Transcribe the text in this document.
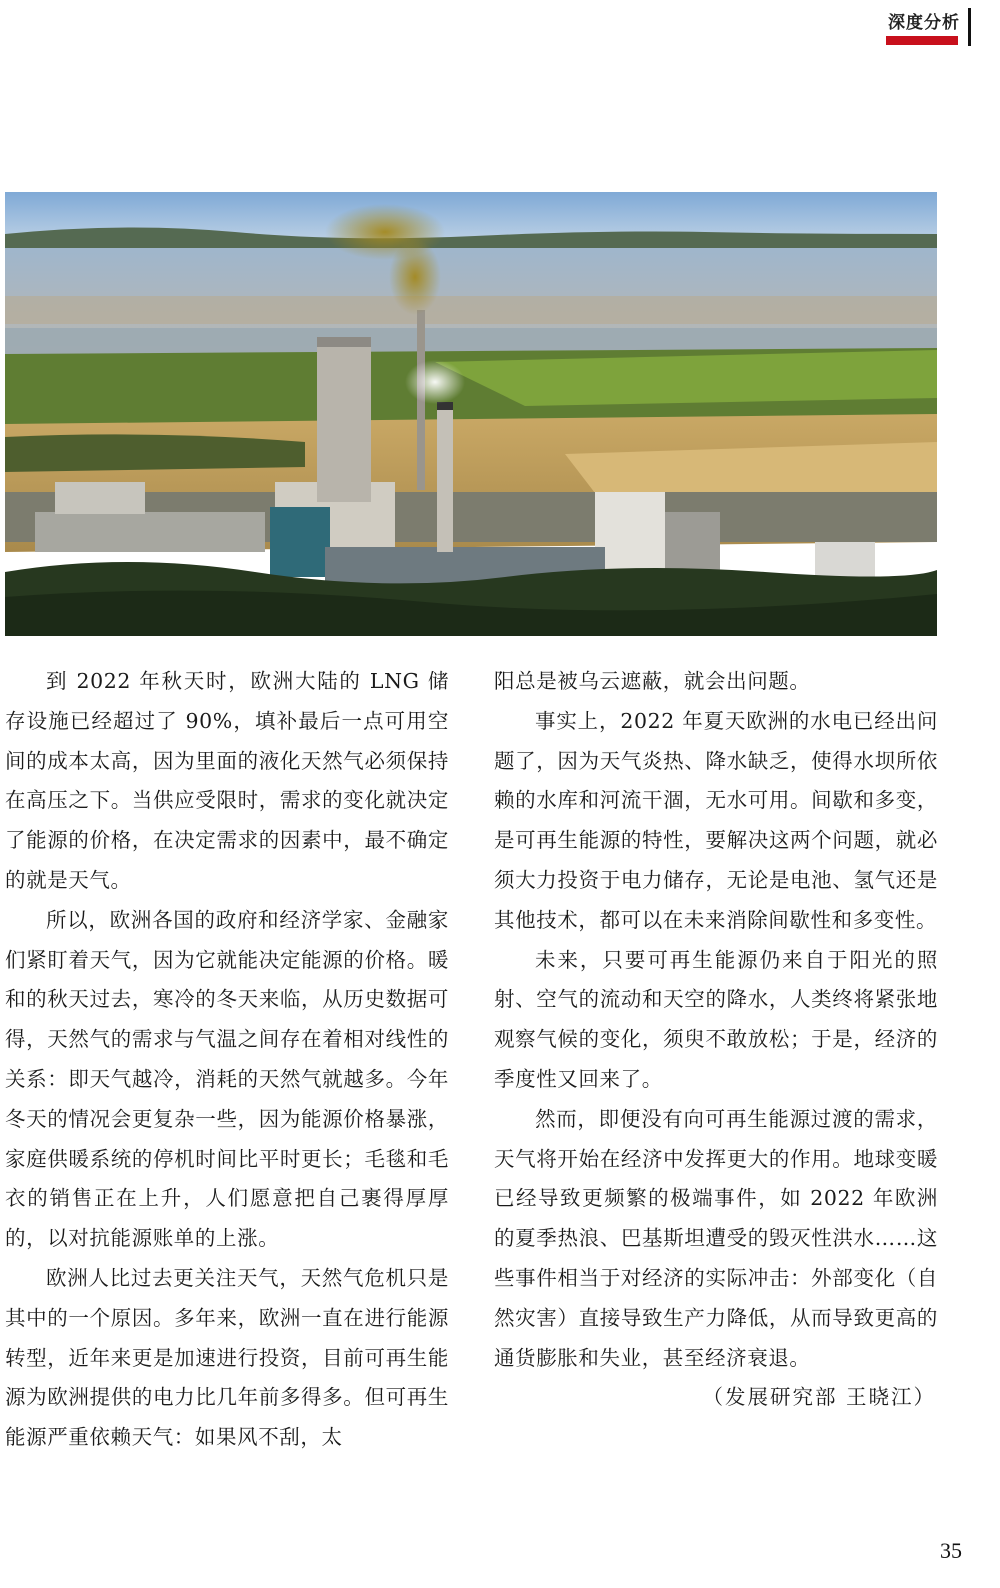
深度分析

到 2022 年秋天时，欧洲大陆的 LNG 储存设施已经超过了 90%，填补最后一点可用空间的成本太高，因为里面的液化天然气必须保持在高压之下。当供应受限时，需求的变化就决定了能源的价格，在决定需求的因素中，最不确定的就是天气。

所以，欧洲各国的政府和经济学家、金融家们紧盯着天气，因为它就能决定能源的价格。暖和的秋天过去，寒冷的冬天来临，从历史数据可得，天然气的需求与气温之间存在着相对线性的关系：即天气越冷，消耗的天然气就越多。今年冬天的情况会更复杂一些，因为能源价格暴涨，家庭供暖系统的停机时间比平时更长；毛毯和毛衣的销售正在上升，人们愿意把自己裹得厚厚的，以对抗能源账单的上涨。

欧洲人比过去更关注天气，天然气危机只是其中的一个原因。多年来，欧洲一直在进行能源转型，近年来更是加速进行投资，目前可再生能源为欧洲提供的电力比几年前多得多。但可再生能源严重依赖天气：如果风不刮，太

阳总是被乌云遮蔽，就会出问题。

事实上，2022 年夏天欧洲的水电已经出问题了，因为天气炎热、降水缺乏，使得水坝所依赖的水库和河流干涸，无水可用。间歇和多变，是可再生能源的特性，要解决这两个问题，就必须大力投资于电力储存，无论是电池、氢气还是其他技术，都可以在未来消除间歇性和多变性。

未来，只要可再生能源仍来自于阳光的照射、空气的流动和天空的降水，人类终将紧张地观察气候的变化，须臾不敢放松；于是，经济的季度性又回来了。

然而，即便没有向可再生能源过渡的需求，天气将开始在经济中发挥更大的作用。地球变暖已经导致更频繁的极端事件，如 2022 年欧洲的夏季热浪、巴基斯坦遭受的毁灭性洪水……这些事件相当于对经济的实际冲击：外部变化（自然灾害）直接导致生产力降低，从而导致更高的通货膨胀和失业，甚至经济衰退。

（发展研究部 王晓江）

35
